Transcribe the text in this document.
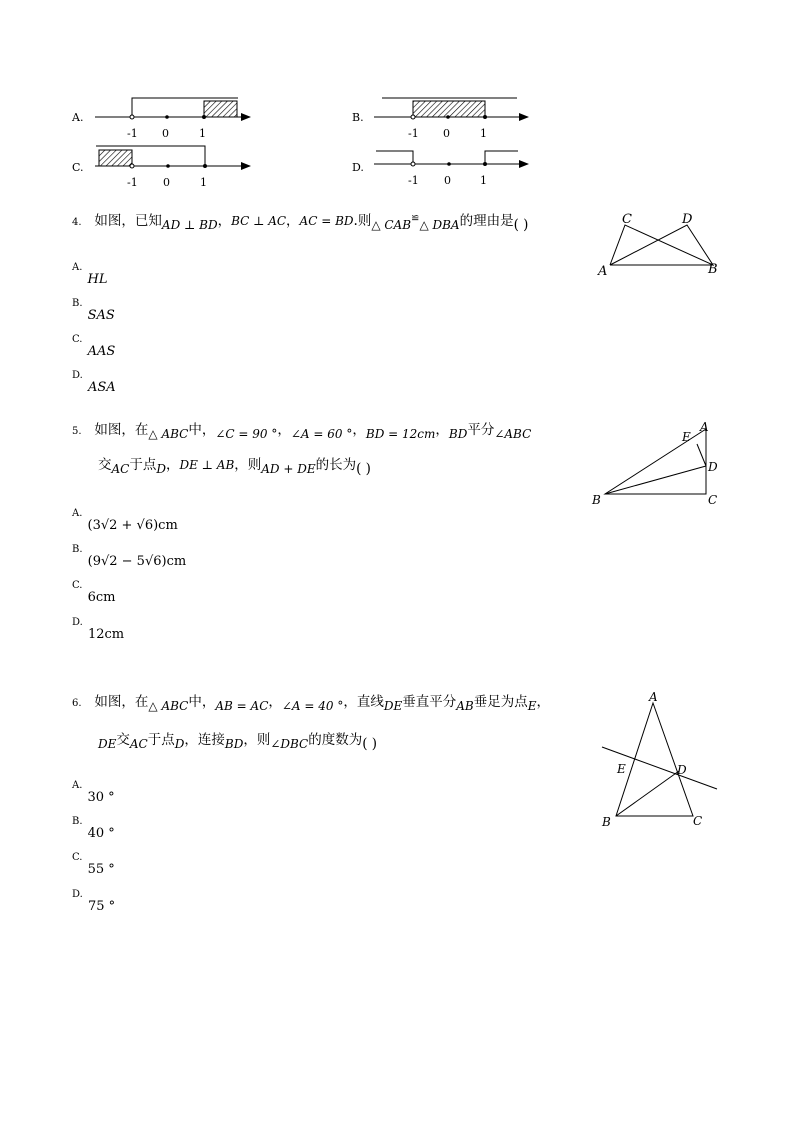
A.
-1 0	1
B.
-1 0	1
C.
-1 0	1
D.
-1 0	1
4. 如图，已知AD ⊥ BD，BC ⊥ AC，AC = BD.则△ CAB≌△ DBA的理由是( )
$^{A.}$ $_{HL}$
$^{B.}$ $_{SAS}$
$^{C.}$ $_{AAS}$
$^{D.}$ $_{ASA}$
C	D
A	B
5. 如图，在△ ABC中，∠C = 90 °，∠A = 60 °，BD = 12cm，BD平分∠ABC
交AC于点D，DE ⊥ AB，则AD + DE的长为( )
$^{A.}$ $_{(3√2 + √6)cm}$
$^{B.}$ $_{(9√2 - 5√6)cm}$
$^{C.}$ $_{6cm}$
$^{D.}$ $_{12cm}$
E
A
D
B	C
6. 如图，在△ ABC中，AB = AC，∠A = 40 °，直线DE垂直平分AB垂足为点E，
DE交AC于点D，连接BD，则∠DBC的度数为( )
$^{A.}$ $_{30 ^\circ}$
$^{B.}$ $_{40 ^\circ}$
$^{C.}$ $_{55 ^\circ}$
$^{D.}$ $_{75 ^\circ}$
A
E	D
B	C
